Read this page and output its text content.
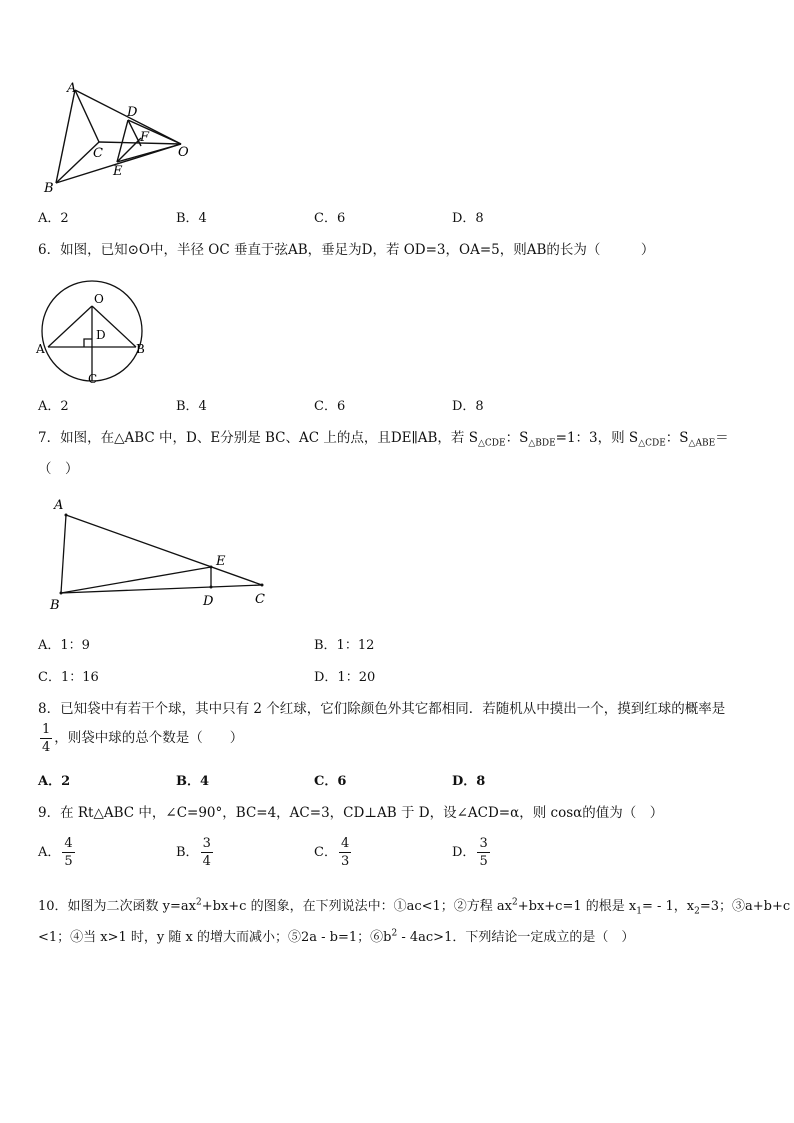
A
B
C
D
E
F
O
A．2	B．4	C．6	D．8
6．如图，已知⊙O中，半径 OC 垂直于弦AB，垂足为D，若 OD=3，OA=5，则AB的长为（　　　）
O
D
A	B
C
A．2	B．4	C．6	D．8
7．如图，在△ABC 中，D、E分别是 BC、AC 上的点，且DE∥AB，若 $S_{\triangle CDE}$：$S_{\triangle BDE}=1$：3，则 $S_{\triangle CDE}$：$S_{\triangle ABE}=$
（　）
A
B
E
D	C
A．1：9	B．1：12
C．1：16	D．1：20
8．已知袋中有若干个球，其中只有 2 个红球，它们除颜色外其它都相同．若随机从中摸出一个，摸到红球的概率是
$\frac{1}{4}$ ，则袋中球的总个数是（　　）
A．2	B．4	C．6	D．8
9．在 Rt△ABC 中，∠C=90°，BC=4，AC=3，CD⊥AB 于 D，设∠ACD=α，则 cosα的值为（　）
A． $\frac{4}{5}$	B． $\frac{3}{4}$	C． $\frac{4}{3}$	D． $\frac{3}{5}$
10．如图为二次函数 $y=ax^2+bx+c$ 的图象，在下列说法中：①ac<1；②方程 $ax^2+bx+c=1$ 的根是 $x_1= - 1$，$x_2=3$；③a+b+c
<1；④当 x>1 时，y 随 x 的增大而减小；⑤2a - b=1；$⑥b^2 - 4ac>1$．下列结论一定成立的是（　）
